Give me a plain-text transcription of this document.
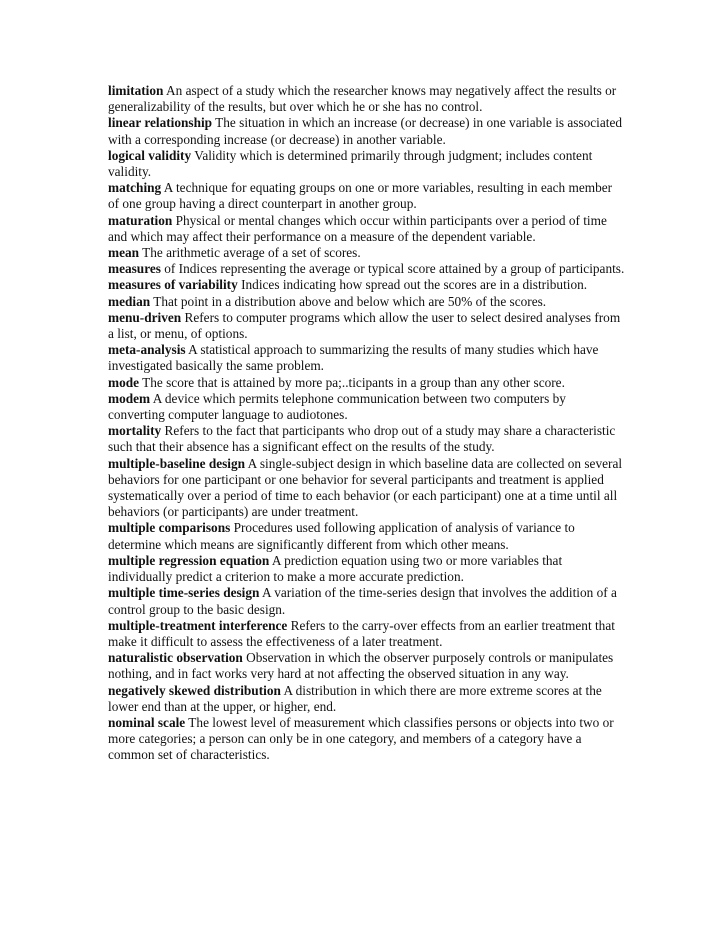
limitation An aspect of a study which the researcher knows may negatively affect the results or generalizability of the results, but over which he or she has no control.

linear relationship The situation in which an increase (or decrease) in one variable is associated with a corresponding increase (or decrease) in another variable.

logical validity Validity which is determined primarily through judgment; includes content validity.

matching A technique for equating groups on one or more variables, resulting in each member of one group having a direct counterpart in another group.

maturation Physical or mental changes which occur within participants over a period of time and which may affect their performance on a measure of the dependent variable.

mean The arithmetic average of a set of scores.

measures of Indices representing the average or typical score attained by a group of participants.

measures of variability Indices indicating how spread out the scores are in a distribution.

median That point in a distribution above and below which are 50% of the scores.

menu-driven Refers to computer programs which allow the user to select desired analyses from a list, or menu, of options.

meta-analysis A statistical approach to summarizing the results of many studies which have investigated basically the same problem.

mode The score that is attained by more pa;..ticipants in a group than any other score.

modem A device which permits telephone communication between two computers by converting computer language to audiotones.

mortality Refers to the fact that participants who drop out of a study may share a characteristic such that their absence has a significant effect on the results of the study.

multiple-baseline design A single-subject design in which baseline data are collected on several behaviors for one participant or one behavior for several participants and treatment is applied systematically over a period of time to each behavior (or each participant) one at a time until all behaviors (or participants) are under treatment.

multiple comparisons Procedures used following application of analysis of variance to determine which means are significantly different from which other means.

multiple regression equation A prediction equation using two or more variables that individually predict a criterion to make a more accurate prediction.

multiple time-series design A variation of the time-series design that involves the addition of a control group to the basic design.

multiple-treatment interference Refers to the carry-over effects from an earlier treatment that make it difficult to assess the effectiveness of a later treatment.

naturalistic observation Observation in which the observer purposely controls or manipulates nothing, and in fact works very hard at not affecting the observed situation in any way.

negatively skewed distribution A distribution in which there are more extreme scores at the lower end than at the upper, or higher, end.

nominal scale The lowest level of measurement which classifies persons or objects into two or more categories; a person can only be in one category, and members of a category have a common set of characteristics.
